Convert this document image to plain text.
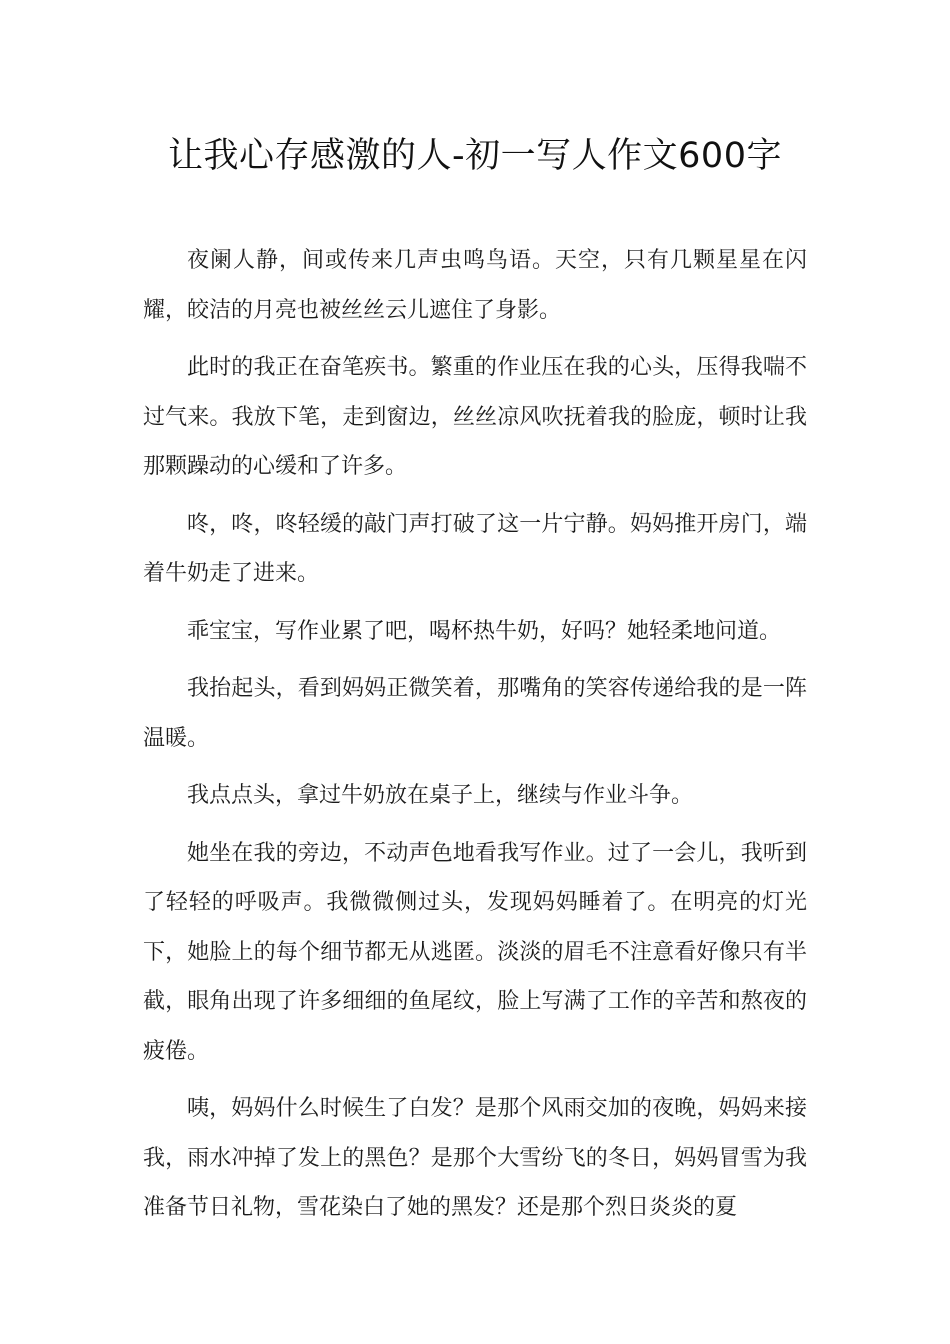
让我心存感激的人-初一写人作文600字

夜阑人静，间或传来几声虫鸣鸟语。天空，只有几颗星星在闪耀，皎洁的月亮也被丝丝云儿遮住了身影。

此时的我正在奋笔疾书。繁重的作业压在我的心头，压得我喘不过气来。我放下笔，走到窗边，丝丝凉风吹抚着我的脸庞，顿时让我那颗躁动的心缓和了许多。

咚，咚，咚轻缓的敲门声打破了这一片宁静。妈妈推开房门，端着牛奶走了进来。

乖宝宝，写作业累了吧，喝杯热牛奶，好吗？她轻柔地问道。

我抬起头，看到妈妈正微笑着，那嘴角的笑容传递给我的是一阵温暖。

我点点头，拿过牛奶放在桌子上，继续与作业斗争。

她坐在我的旁边，不动声色地看我写作业。过了一会儿，我听到了轻轻的呼吸声。我微微侧过头，发现妈妈睡着了。在明亮的灯光下，她脸上的每个细节都无从逃匿。淡淡的眉毛不注意看好像只有半截，眼角出现了许多细细的鱼尾纹，脸上写满了工作的辛苦和熬夜的疲倦。

咦，妈妈什么时候生了白发？是那个风雨交加的夜晚，妈妈来接我，雨水冲掉了发上的黑色？是那个大雪纷飞的冬日，妈妈冒雪为我准备节日礼物，雪花染白了她的黑发？还是那个烈日炎炎的夏
